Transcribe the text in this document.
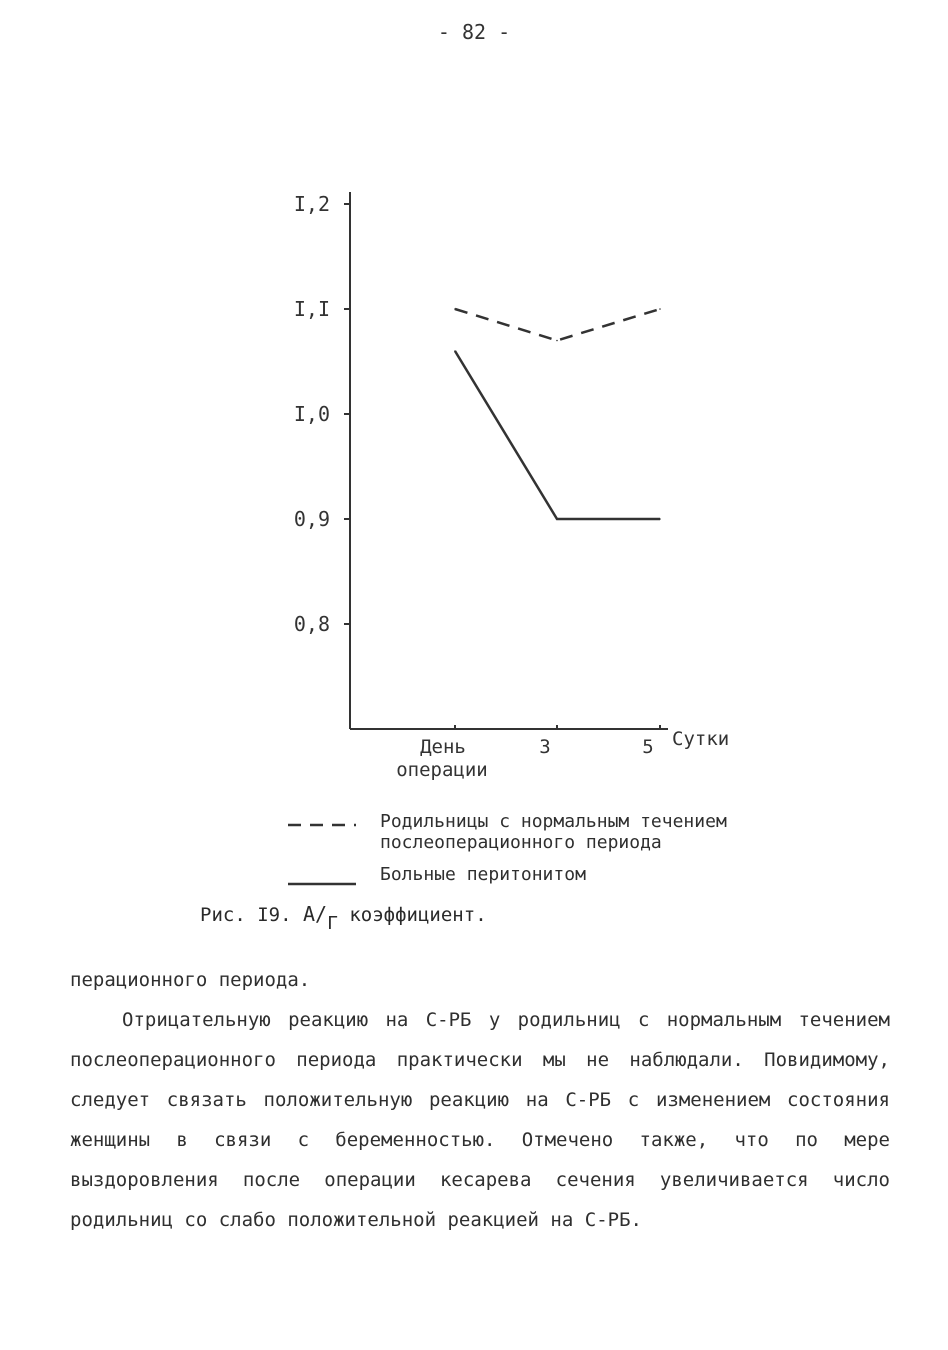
- 82 -
I,2
I,I
I,0
0,9
0,8
День
операции
3	5 Сутки
Родильницы с нормальным течением
послеоперационного периода
Больные перитонитом
Рис. I9. А/Г коэффициент.

перационного периода.

Отрицательную реакцию на С-РБ у родильниц с нормальным течением послеоперационного периода практически мы не наблюдали. Повидимому, следует связать положительную реакцию на С-РБ с изменением состояния женщины в связи с беременностью. Отмечено также, что по мере выздоровления после операции кесарева сечения увеличивается число родильниц со слабо положительной реакцией на С-РБ.
